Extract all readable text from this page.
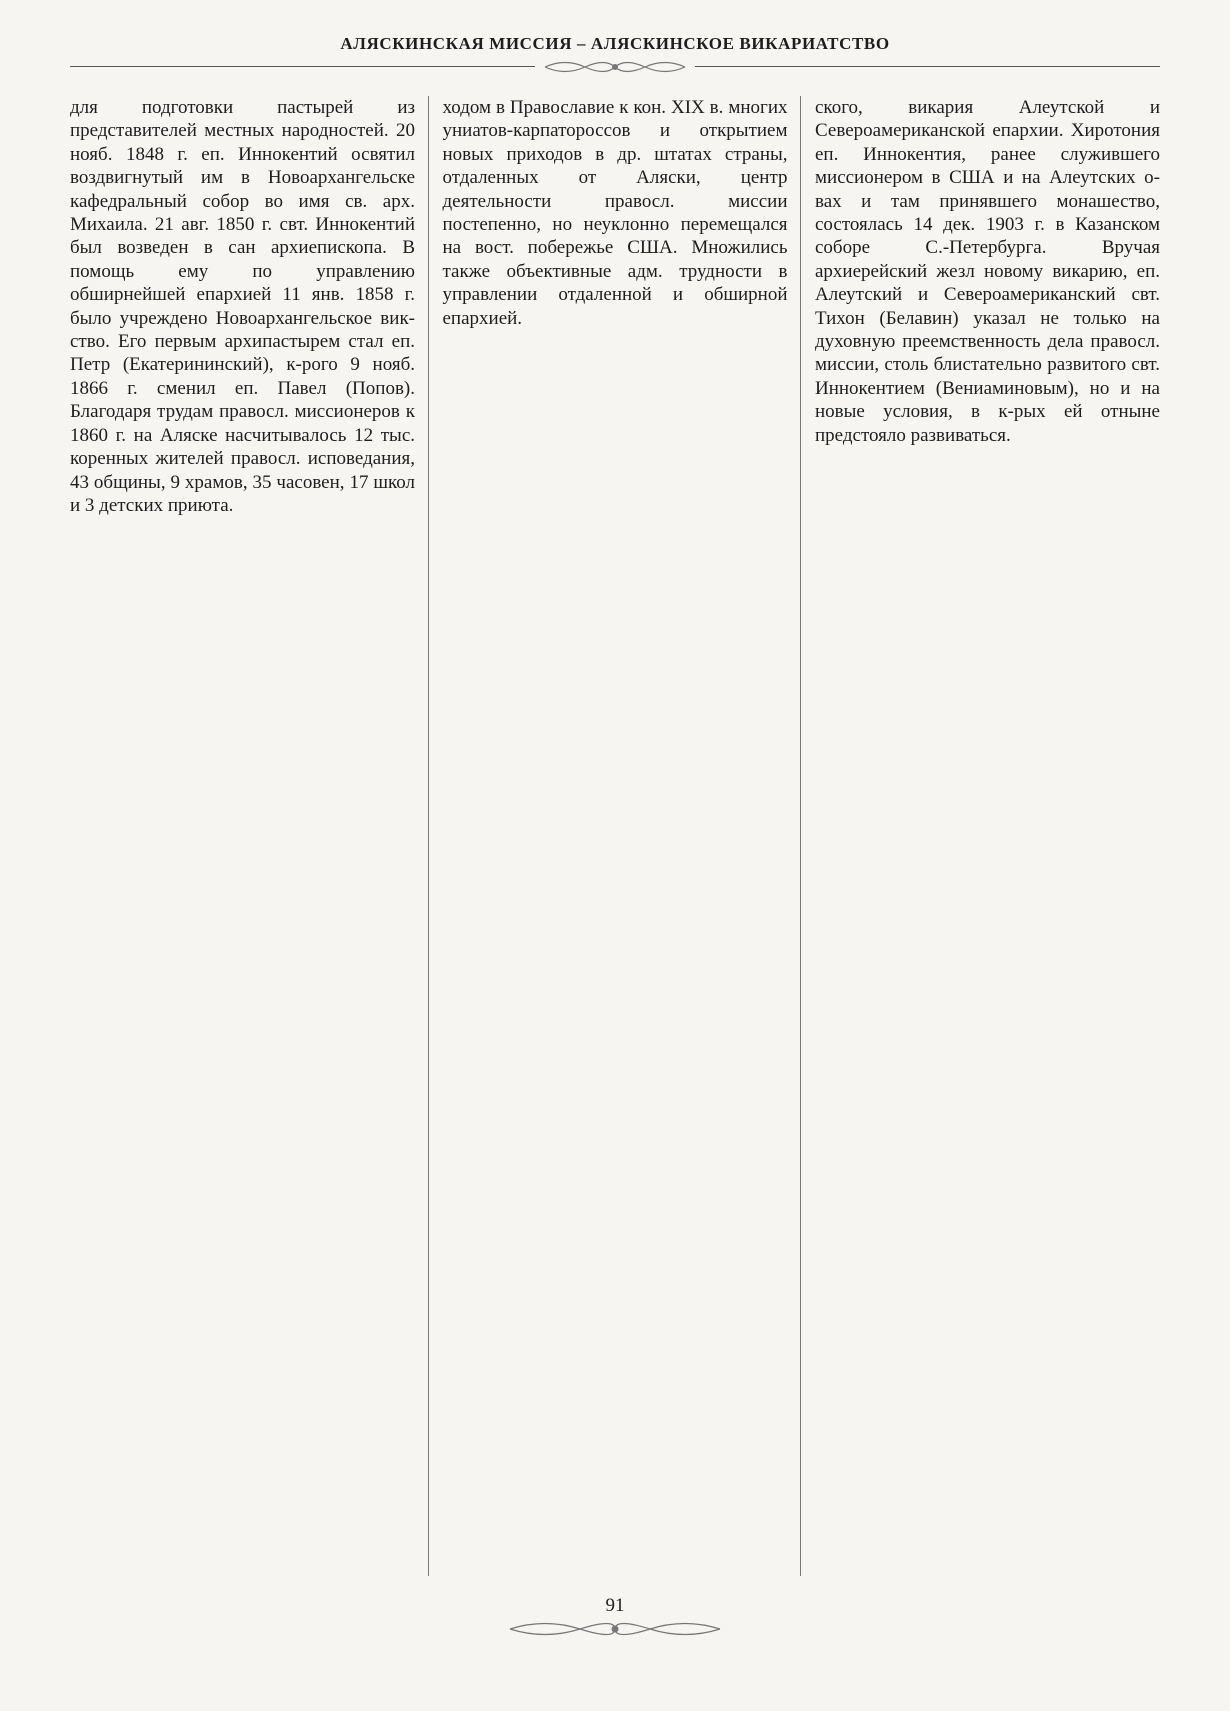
АЛЯСКИНСКАЯ МИССИЯ – АЛЯСКИНСКОЕ ВИКАРИАТСТВО

для подготовки пастырей из представителей местных народностей. 20 нояб. 1848 г. еп. Иннокентий освятил воздвигнутый им в Новоархангельске кафедральный собор во имя св. арх. Михаила. 21 авг. 1850 г. свт. Иннокентий был возведен в сан архиепископа. В помощь ему по управлению обширнейшей епархией 11 янв. 1858 г. было учреждено Новоархангельское вик-ство. Его первым архипастырем стал еп. Петр (Екатерининский), к-рого 9 нояб. 1866 г. сменил еп. Павел (Попов). Благодаря трудам правосл. миссионеров к 1860 г. на Аляске насчитывалось 12 тыс. коренных жителей правосл. исповедания, 43 общины, 9 храмов, 35 часовен, 17 школ и 3 детских приюта.

ходом в Православие к кон. XIX в. многих униатов-карпатороссов и открытием новых приходов в др. штатах страны, отдаленных от Аляски, центр деятельности правосл. миссии постепенно, но неуклонно перемещался на вост. побережье США. Множились также объективные адм. трудности в управлении отдаленной и обширной епархией.

ского, викария Алеутской и Североамериканской епархии. Хиротония еп. Иннокентия, ранее служившего миссионером в США и на Алеутских о-вах и там принявшего монашество, состоялась 14 дек. 1903 г. в Казанском соборе С.-Петербурга. Вручая архиерейский жезл новому викарию, еп. Алеутский и Североамериканский свт. Тихон (Белавин) указал не только на духовную преемственность дела правосл. миссии, столь блистательно развитого свт. Иннокентием (Вениаминовым), но и на новые условия, в к-рых ей отныне предстояло развиваться.

91
